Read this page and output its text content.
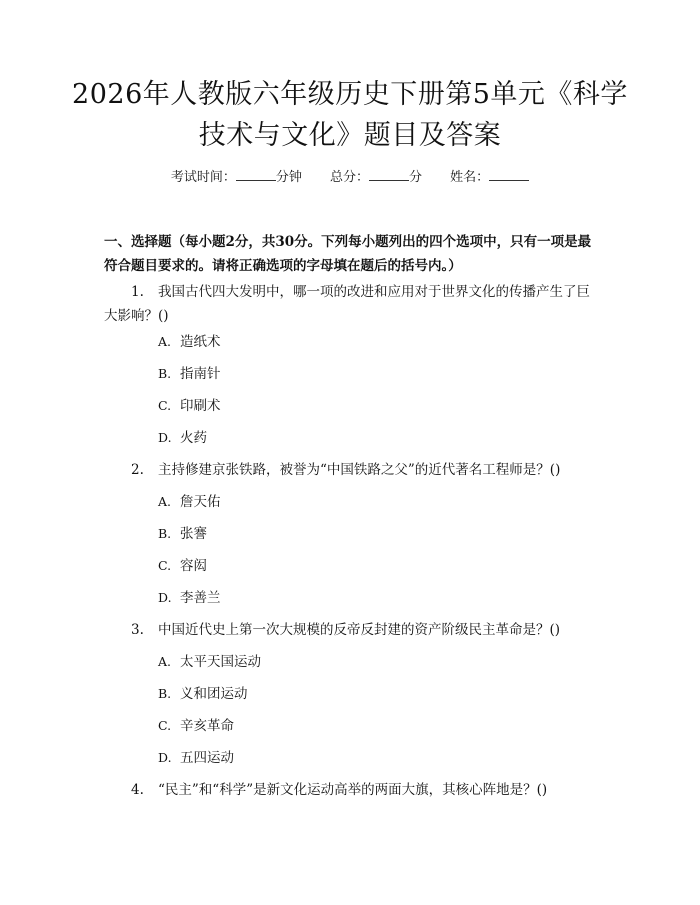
2026年人教版六年级历史下册第5单元《科学技术与文化》题目及答案
考试时间：	分钟 总分：	分 姓名：

一、选择题（每小题2分，共30分。下列每小题列出的四个选项中，只有一项是最符合题目要求的。请将正确选项的字母填在题后的括号内。）

1. 我国古代四大发明中，哪一项的改进和应用对于世界文化的传播产生了巨大影响？()

A. 造纸术
B. 指南针
C. 印刷术
D. 火药

2. 主持修建京张铁路，被誉为“中国铁路之父”的近代著名工程师是？()

A. 詹天佑
B. 张謇
C. 容闳
D. 李善兰

3. 中国近代史上第一次大规模的反帝反封建的资产阶级民主革命是？()

A. 太平天国运动
B. 义和团运动
C. 辛亥革命
D. 五四运动

4. “民主”和“科学”是新文化运动高举的两面大旗，其核心阵地是？()
